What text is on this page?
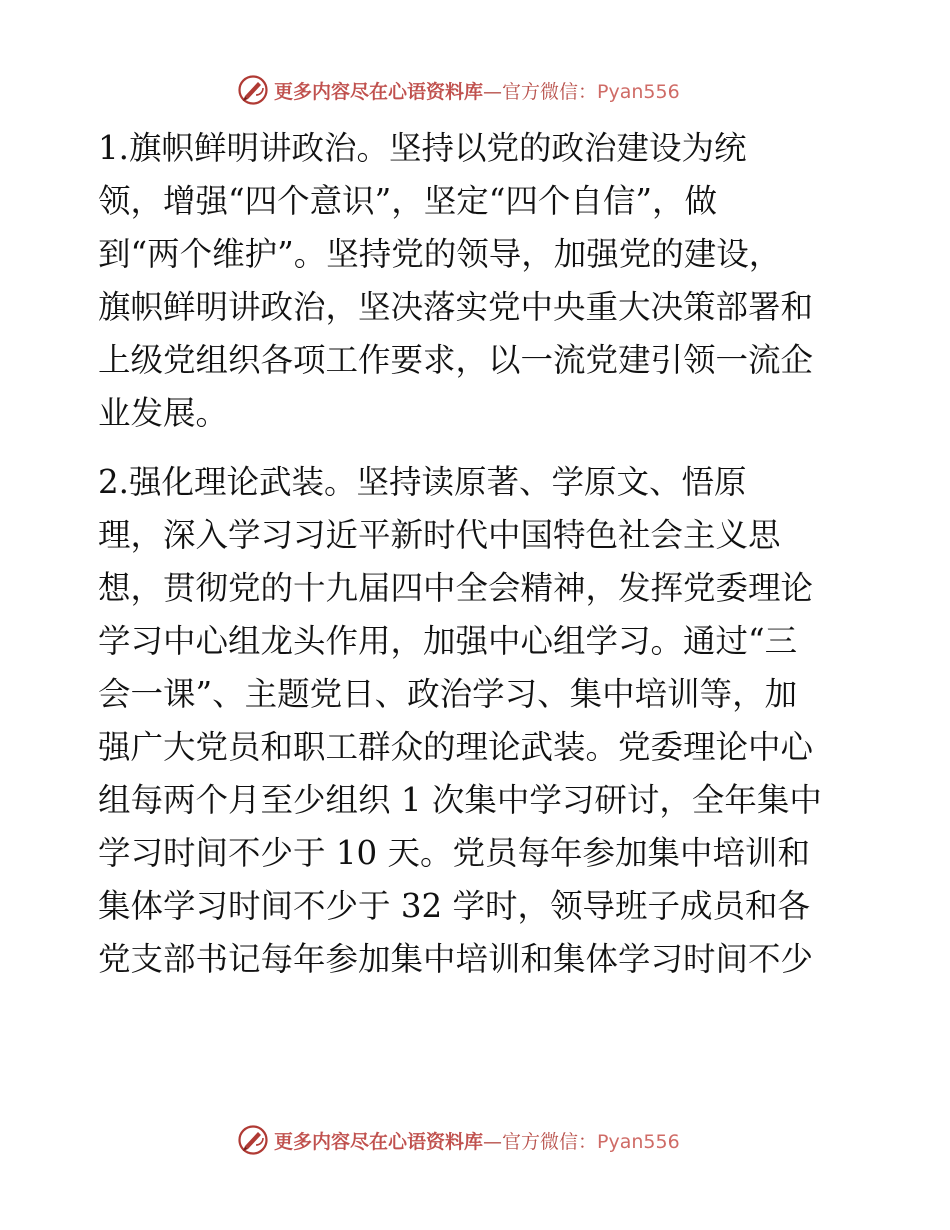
更多内容尽在心语资料库—官方微信：Pyan556

1.旗帜鲜明讲政治。坚持以党的政治建设为统
领，增强“四个意识”，坚定“四个自信”，做
到“两个维护”。坚持党的领导，加强党的建设，
旗帜鲜明讲政治，坚决落实党中央重大决策部署和
上级党组织各项工作要求，以一流党建引领一流企
业发展。

2.强化理论武装。坚持读原著、学原文、悟原
理，深入学习习近平新时代中国特色社会主义思
想，贯彻党的十九届四中全会精神，发挥党委理论
学习中心组龙头作用，加强中心组学习。通过“三
会一课”、主题党日、政治学习、集中培训等，加
强广大党员和职工群众的理论武装。党委理论中心
组每两个月至少组织 1 次集中学习研讨，全年集中
学习时间不少于 10 天。党员每年参加集中培训和
集体学习时间不少于 32 学时，领导班子成员和各
党支部书记每年参加集中培训和集体学习时间不少

更多内容尽在心语资料库—官方微信：Pyan556
